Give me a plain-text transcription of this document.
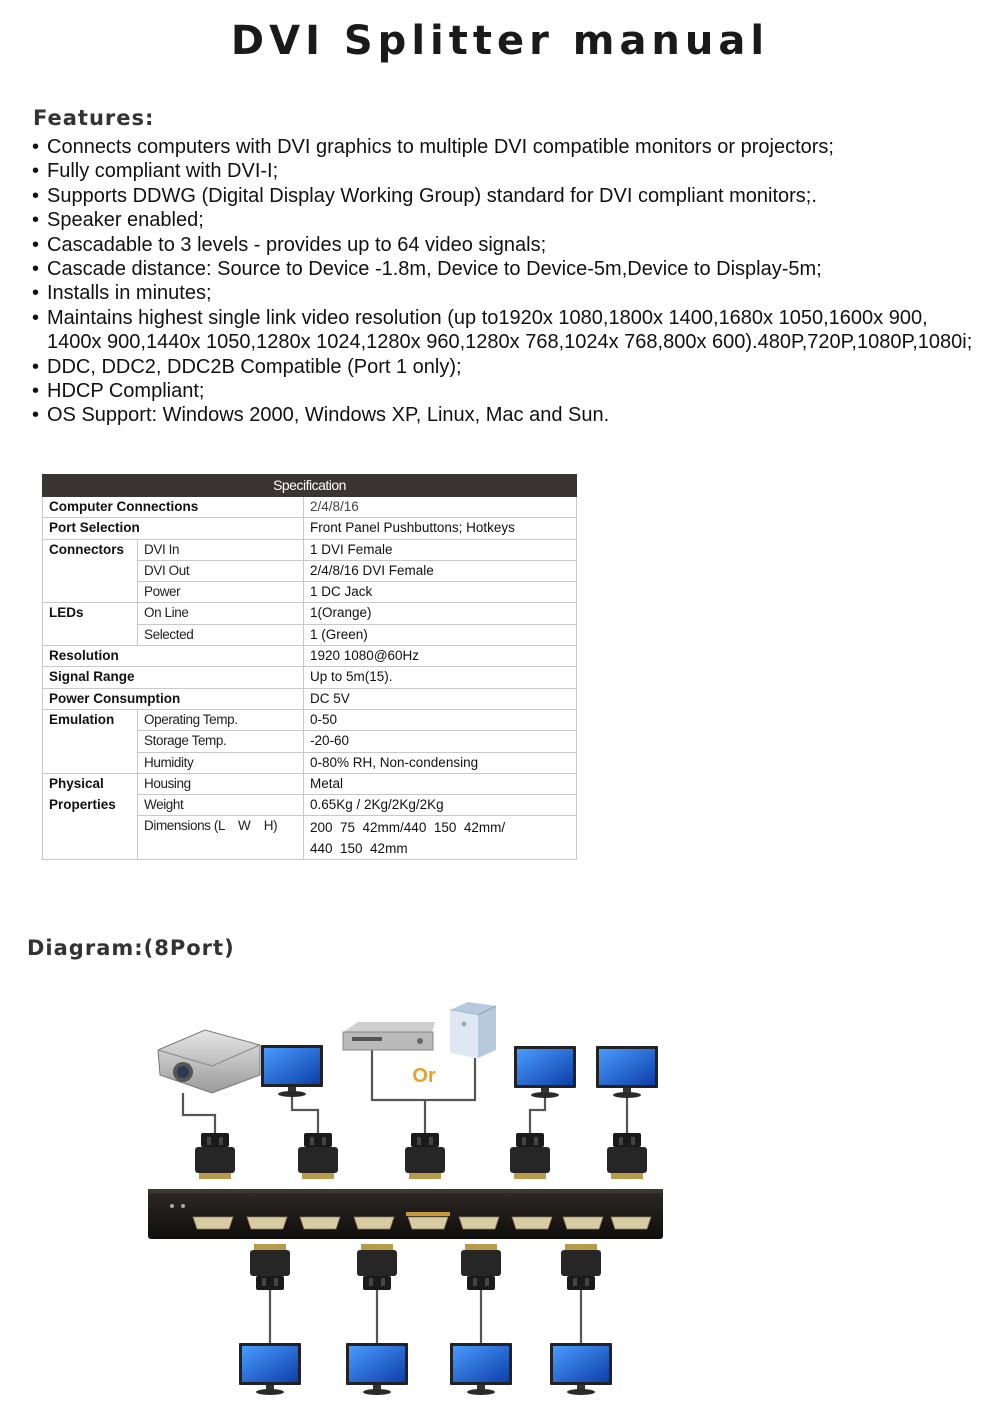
DVI Splitter manual
Features:
• Connects computers with DVI graphics to multiple DVI compatible monitors or projectors;
• Fully compliant with DVI-I;
• Supports DDWG (Digital Display Working Group) standard for DVI compliant monitors;.
• Speaker enabled;
• Cascadable to 3 levels - provides up to 64 video signals;
• Cascade distance: Source to Device -1.8m, Device to Device-5m,Device to Display-5m;
• Installs in minutes;
• Maintains highest single link video resolution (up to1920x 1080,1800x 1400,1680x 1050,1600x 900,
1400x 900,1440x 1050,1280x 1024,1280x 960,1280x 768,1024x 768,800x 600).480P,720P,1080P,1080i;
• DDC, DDC2, DDC2B Compatible (Port 1 only);
• HDCP Compliant;
• OS Support: Windows 2000, Windows XP, Linux, Mac and Sun.
Specification		
Computer Connections		2/4/8/16
Port Selection		Front Panel Pushbuttons; Hotkeys
Connectors	DVI In	1 DVI Female
	DVI Out	2/4/8/16 DVI Female
	Power	1 DC Jack
LEDs	On Line	1(Orange)
	Selected	1 (Green)
Resolution		1920 1080@60Hz
Signal Range		Up to 5m(15).
Power Consumption		DC 5V
Emulation	Operating Temp.	0-50
	Storage Temp.	-20-60
	Humidity	0-80% RH, Non-condensing
Physical	Housing	Metal
Properties	Weight	0.65Kg / 2Kg/2Kg/2Kg
	Dimensions (L    W    H)	200  75  42mm/440  150  42mm/
440  150  42mm
Diagram:(8Port)
Or
